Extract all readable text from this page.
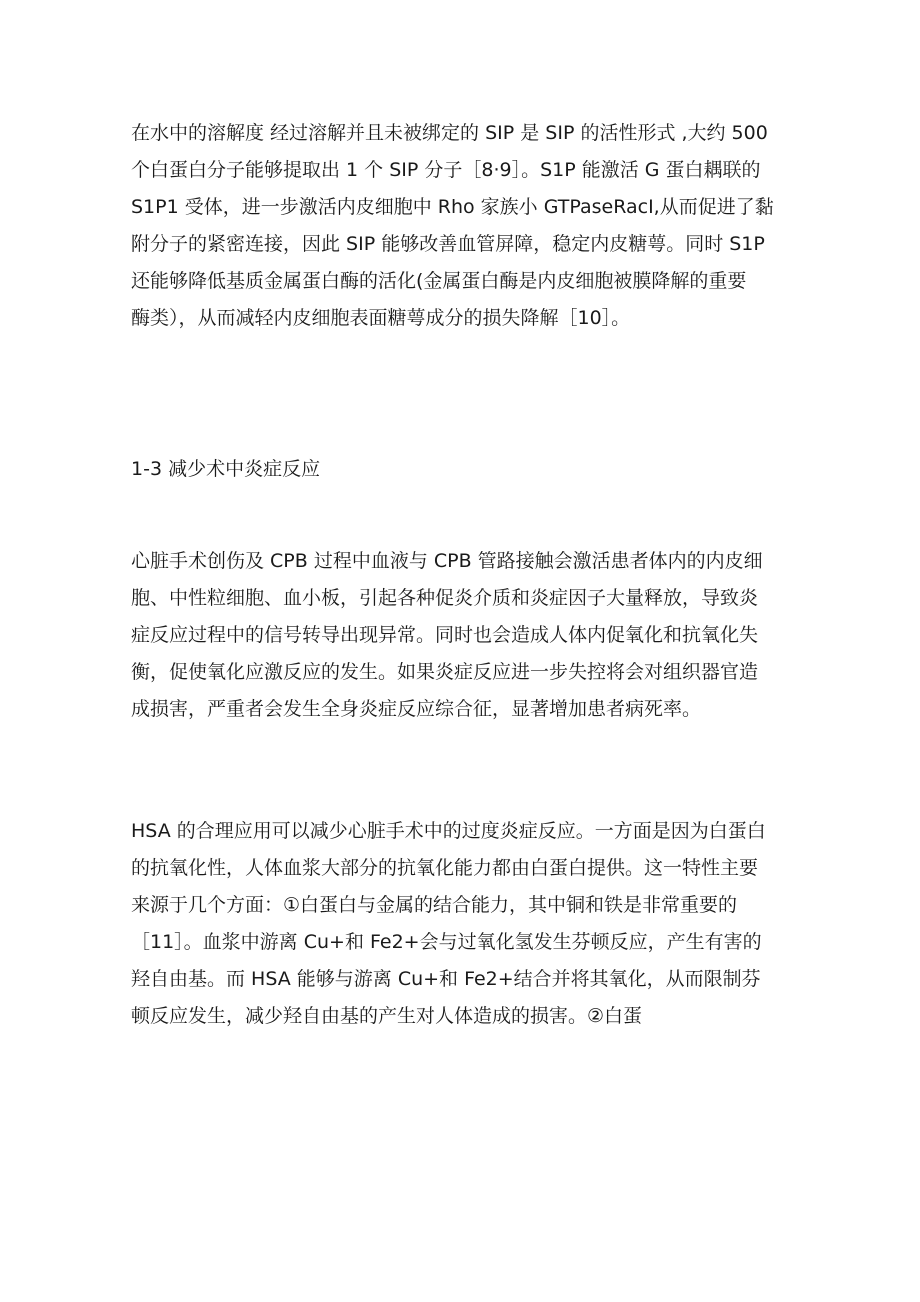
在水中的溶解度 经过溶解并且未被绑定的 SIP 是 SIP 的活性形式 ,大约 500
个白蛋白分子能够提取出 1 个 SIP 分子［8·9］。S1P 能激活 G 蛋白耦联的
S1P1 受体，进一步激活内皮细胞中 Rho 家族小 GTPaseRacI,从而促进了黏
附分子的紧密连接，因此 SIP 能够改善血管屏障，稳定内皮糖萼。同时 S1P
还能够降低基质金属蛋白酶的活化(金属蛋白酶是内皮细胞被膜降解的重要
酶类），从而减轻内皮细胞表面糖萼成分的损失降解［10］。
1-3 减少术中炎症反应
心脏手术创伤及 CPB 过程中血液与 CPB 管路接触会激活患者体内的内皮细
胞、中性粒细胞、血小板，引起各种促炎介质和炎症因子大量释放，导致炎
症反应过程中的信号转导出现异常。同时也会造成人体内促氧化和抗氧化失
衡，促使氧化应激反应的发生。如果炎症反应进一步失控将会对组织器官造
成损害，严重者会发生全身炎症反应综合征，显著增加患者病死率。
HSA 的合理应用可以减少心脏手术中的过度炎症反应。一方面是因为白蛋白
的抗氧化性，人体血浆大部分的抗氧化能力都由白蛋白提供。这一特性主要
来源于几个方面：①白蛋白与金属的结合能力，其中铜和铁是非常重要的
［11］。血浆中游离 Cu+和 Fe2+会与过氧化氢发生芬顿反应，产生有害的
羟自由基。而 HSA 能够与游离 Cu+和 Fe2+结合并将其氧化，从而限制芬
顿反应发生，减少羟自由基的产生对人体造成的损害。②白蛋
